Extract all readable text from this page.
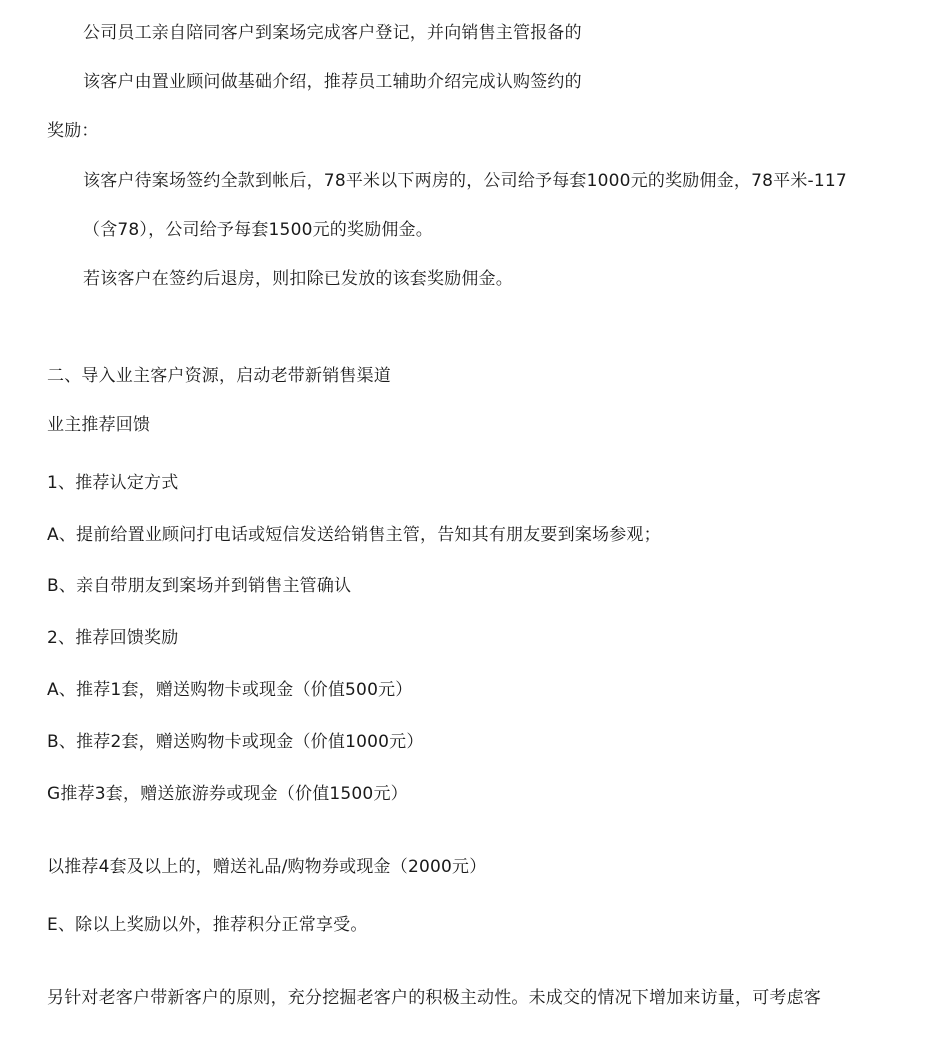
公司员工亲自陪同客户到案场完成客户登记，并向销售主管报备的
该客户由置业顾问做基础介绍，推荐员工辅助介绍完成认购签约的
奖励：
该客户待案场签约全款到帐后，78平米以下两房的，公司给予每套1000元的奖励佣金，78平米-117
（含78），公司给予每套1500元的奖励佣金。
若该客户在签约后退房，则扣除已发放的该套奖励佣金。
二、导入业主客户资源，启动老带新销售渠道
业主推荐回馈
1、推荐认定方式
A、提前给置业顾问打电话或短信发送给销售主管，告知其有朋友要到案场参观；
B、亲自带朋友到案场并到销售主管确认
2、推荐回馈奖励
A、推荐1套，赠送购物卡或现金（价值500元）
B、推荐2套，赠送购物卡或现金（价值1000元）
G推荐3套，赠送旅游券或现金（价值1500元）
以推荐4套及以上的，赠送礼品/购物券或现金（2000元）
E、除以上奖励以外，推荐积分正常享受。
另针对老客户带新客户的原则，充分挖掘老客户的积极主动性。未成交的情况下增加来访量，可考虑客
